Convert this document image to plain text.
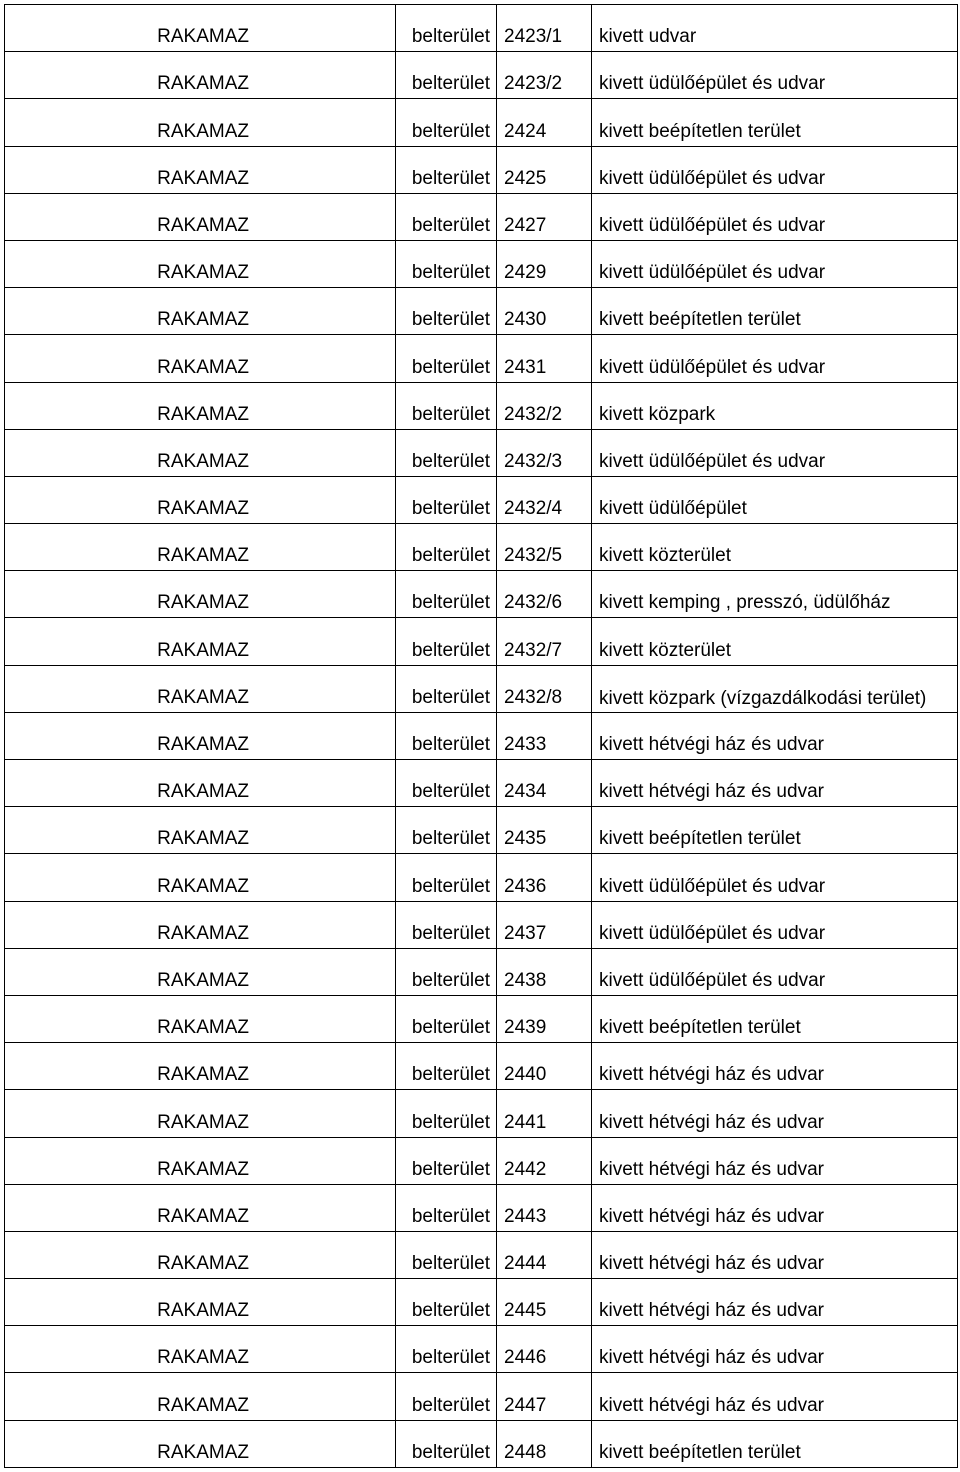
RAKAMAZ	belterület	2423/1	kivett udvar
RAKAMAZ	belterület	2423/2	kivett üdülőépület és udvar
RAKAMAZ	belterület	2424	kivett beépítetlen terület
RAKAMAZ	belterület	2425	kivett üdülőépület és udvar
RAKAMAZ	belterület	2427	kivett üdülőépület és udvar
RAKAMAZ	belterület	2429	kivett üdülőépület és udvar
RAKAMAZ	belterület	2430	kivett beépítetlen terület
RAKAMAZ	belterület	2431	kivett üdülőépület és udvar
RAKAMAZ	belterület	2432/2	kivett közpark
RAKAMAZ	belterület	2432/3	kivett üdülőépület és udvar
RAKAMAZ	belterület	2432/4	kivett üdülőépület
RAKAMAZ	belterület	2432/5	kivett közterület
RAKAMAZ	belterület	2432/6	kivett kemping , presszó, üdülőház
RAKAMAZ	belterület	2432/7	kivett közterület
RAKAMAZ	belterület	2432/8	kivett közpark (vízgazdálkodási terület)
RAKAMAZ	belterület	2433	kivett hétvégi ház és udvar
RAKAMAZ	belterület	2434	kivett hétvégi ház és udvar
RAKAMAZ	belterület	2435	kivett beépítetlen terület
RAKAMAZ	belterület	2436	kivett üdülőépület és udvar
RAKAMAZ	belterület	2437	kivett üdülőépület és udvar
RAKAMAZ	belterület	2438	kivett üdülőépület és udvar
RAKAMAZ	belterület	2439	kivett beépítetlen terület
RAKAMAZ	belterület	2440	kivett hétvégi ház és udvar
RAKAMAZ	belterület	2441	kivett hétvégi ház és udvar
RAKAMAZ	belterület	2442	kivett hétvégi ház és udvar
RAKAMAZ	belterület	2443	kivett hétvégi ház és udvar
RAKAMAZ	belterület	2444	kivett hétvégi ház és udvar
RAKAMAZ	belterület	2445	kivett hétvégi ház és udvar
RAKAMAZ	belterület	2446	kivett hétvégi ház és udvar
RAKAMAZ	belterület	2447	kivett hétvégi ház és udvar
RAKAMAZ	belterület	2448	kivett beépítetlen terület
